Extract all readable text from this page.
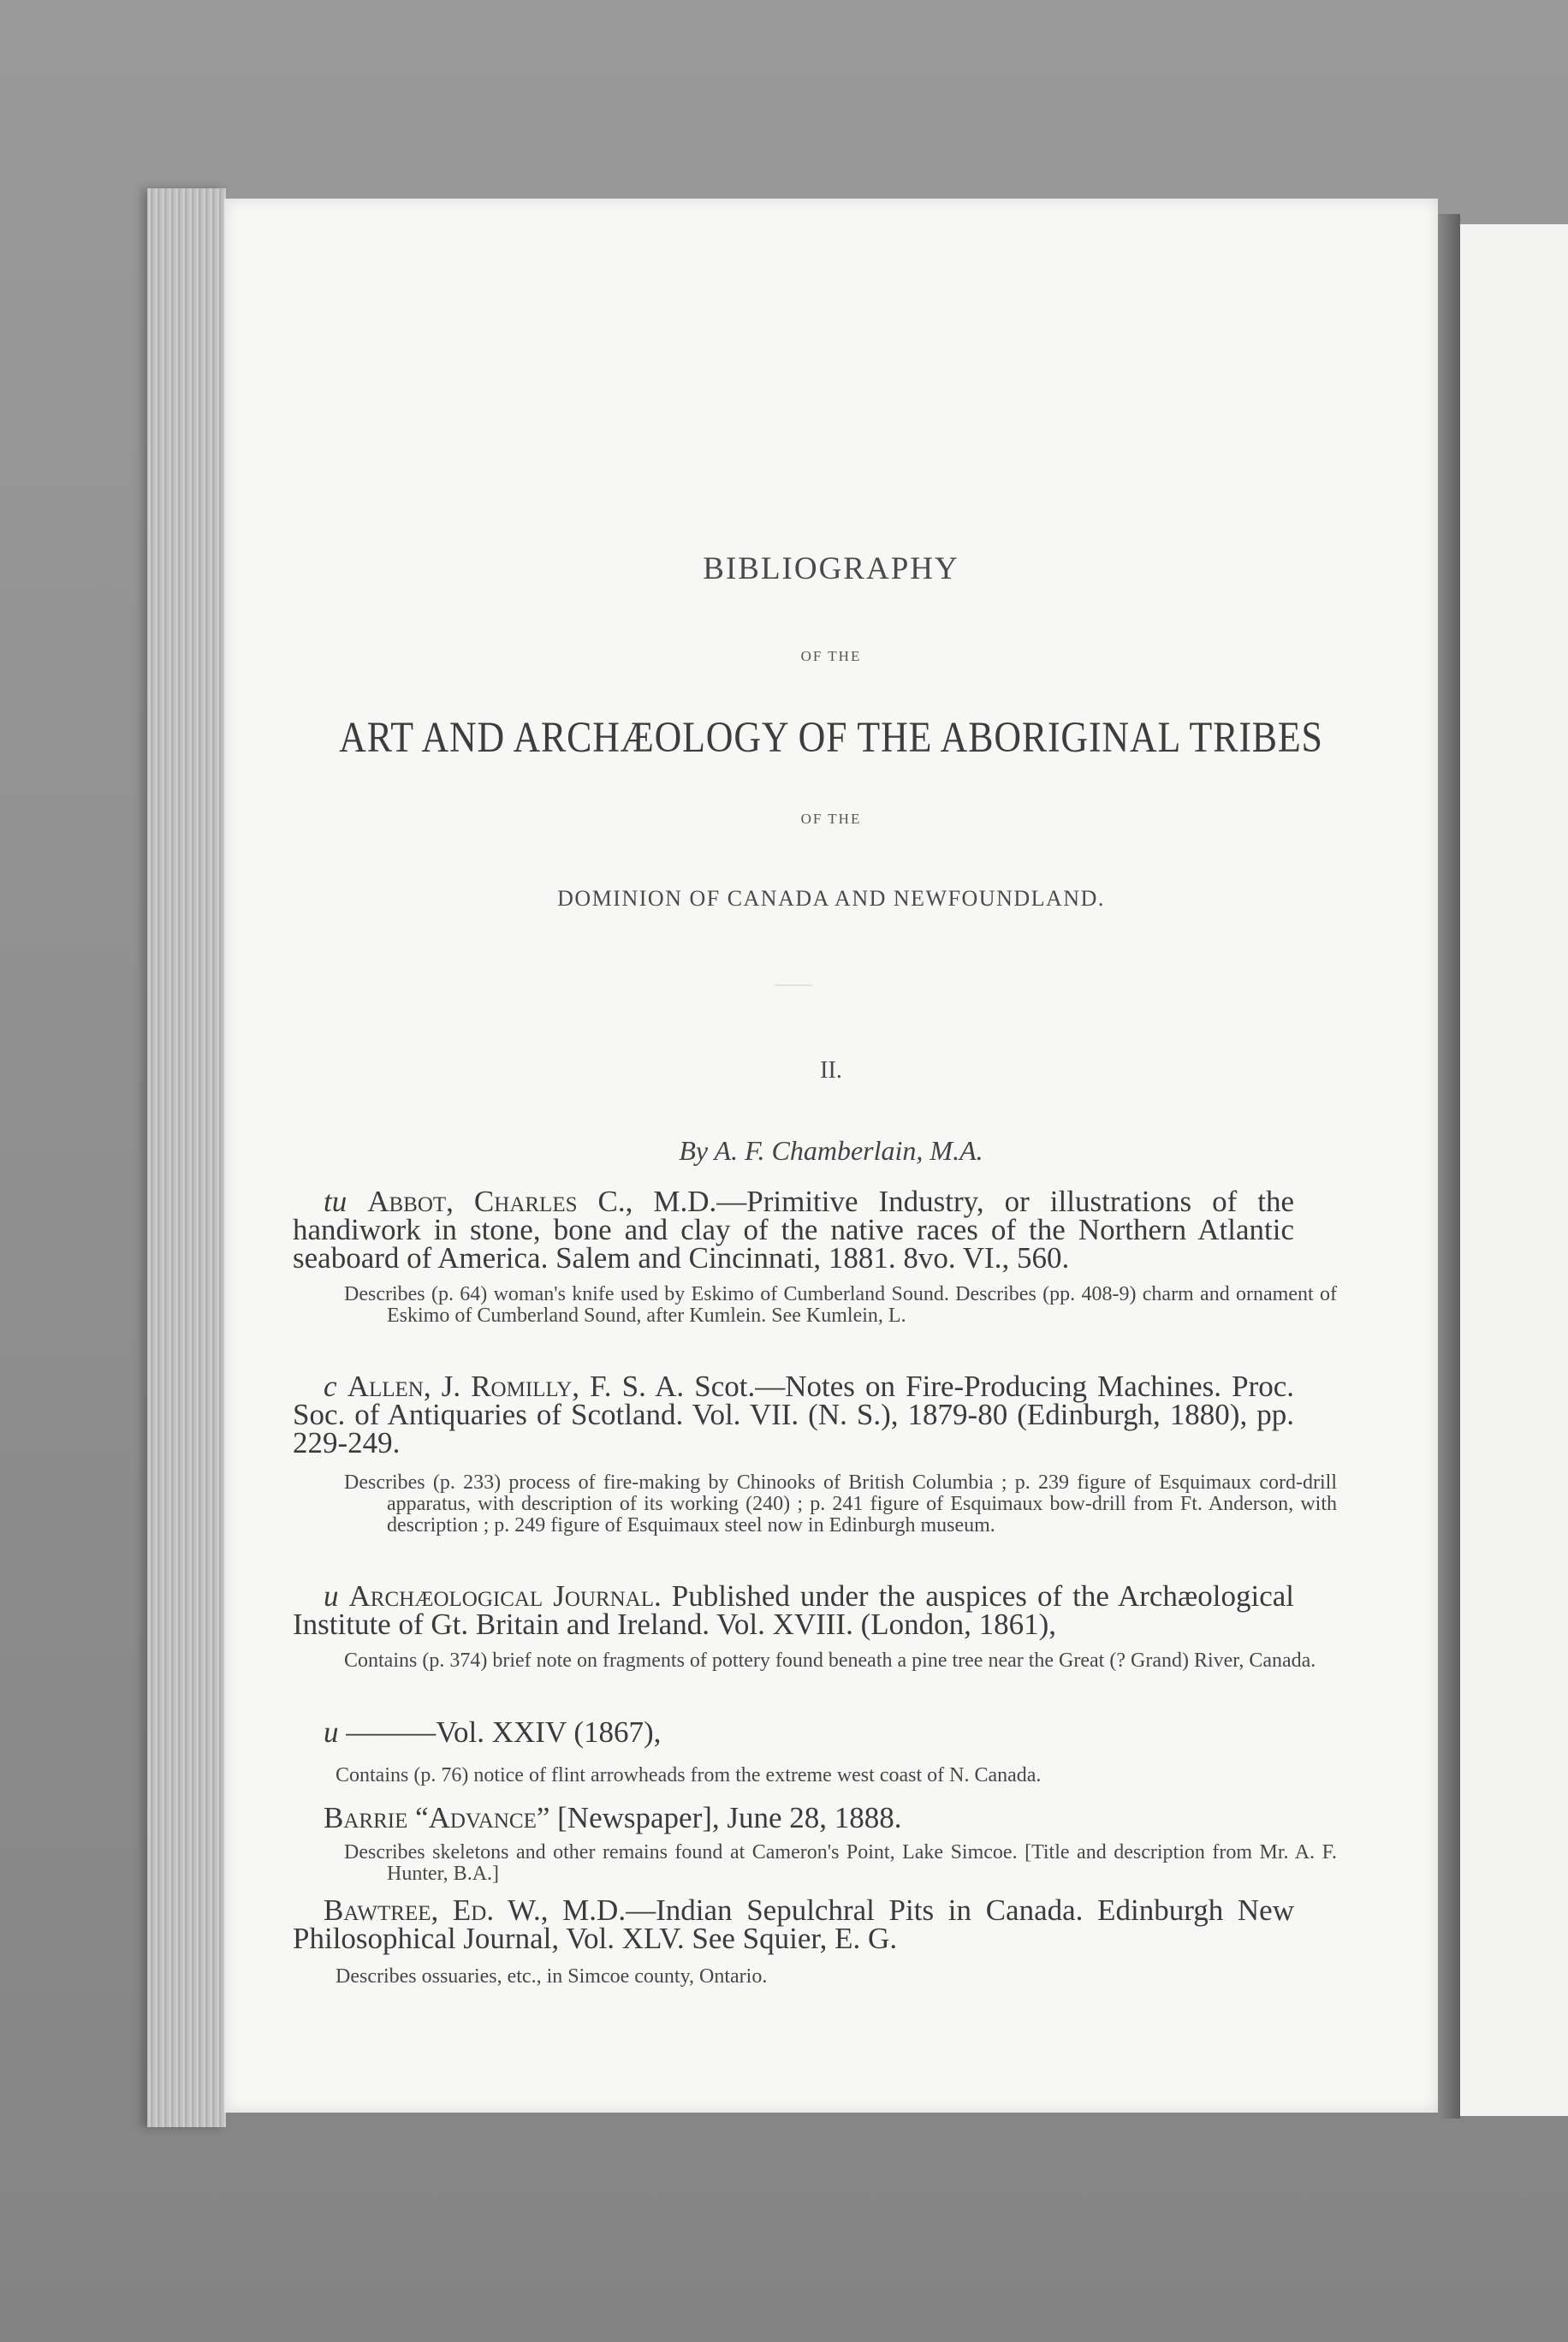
BIBLIOGRAPHY

OF THE

ART AND ARCHÆOLOGY OF THE ABORIGINAL TRIBES

OF THE

DOMINION OF CANADA AND NEWFOUNDLAND.

II.

By A. F. Chamberlain, M.A.

tu Abbot, Charles C., M.D.—Primitive Industry, or illustrations of the handiwork in stone, bone and clay of the native races of the Northern Atlantic seaboard of America. Salem and Cincinnati, 1881. 8vo. VI., 560.
Describes (p. 64) woman's knife used by Eskimo of Cumberland Sound. Describes (pp. 408-9) charm and ornament of Eskimo of Cumberland Sound, after Kumlein. See Kumlein, L.
c Allen, J. Romilly, F. S. A. Scot.—Notes on Fire-Producing Machines. Proc. Soc. of Antiquaries of Scotland. Vol. VII. (N. S.), 1879-80 (Edinburgh, 1880), pp. 229-249.
Describes (p. 233) process of fire-making by Chinooks of British Columbia ; p. 239 figure of Esquimaux cord-drill apparatus, with description of its working (240) ; p. 241 figure of Esquimaux bow-drill from Ft. Anderson, with description ; p. 249 figure of Esquimaux steel now in Edinburgh museum.
u Archæological Journal. Published under the auspices of the Archæological Institute of Gt. Britain and Ireland. Vol. XVIII. (London, 1861),
Contains (p. 374) brief note on fragments of pottery found beneath a pine tree near the Great (? Grand) River, Canada.
u ———Vol. XXIV (1867),
Contains (p. 76) notice of flint arrowheads from the extreme west coast of N. Canada.
Barrie “Advance” [Newspaper], June 28, 1888.
Describes skeletons and other remains found at Cameron's Point, Lake Simcoe. [Title and description from Mr. A. F. Hunter, B.A.]
Bawtree, Ed. W., M.D.—Indian Sepulchral Pits in Canada. Edinburgh New Philosophical Journal, Vol. XLV. See Squier, E. G.
Describes ossuaries, etc., in Simcoe county, Ontario.
